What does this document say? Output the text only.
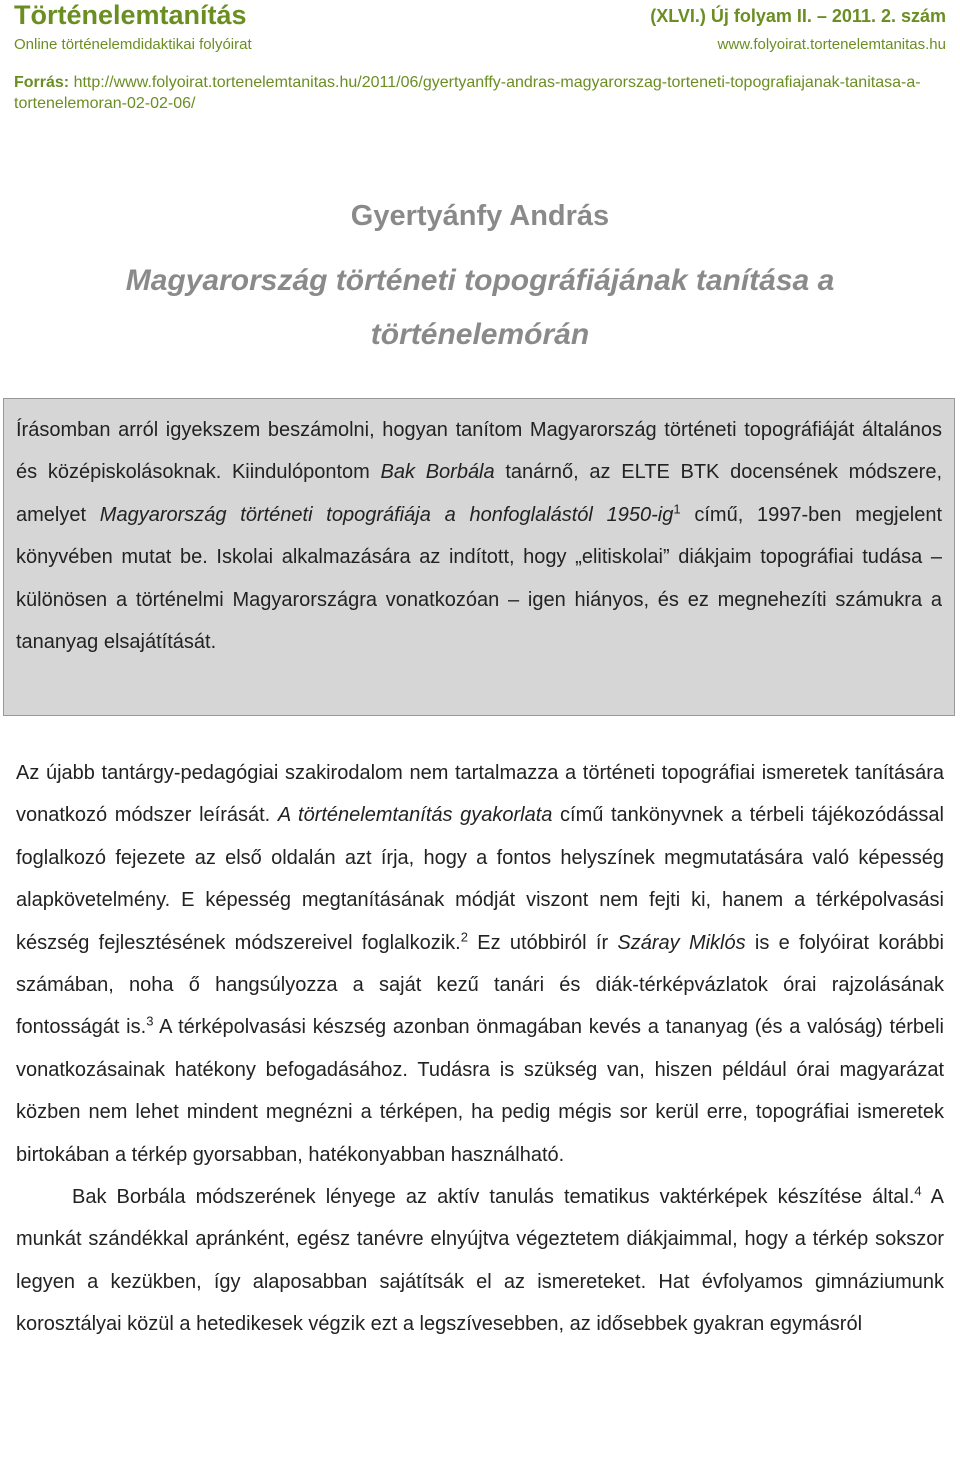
Történelemtanítás
Online történelemdidaktikai folyóirat
(XLVI.) Új folyam II. – 2011. 2. szám
www.folyoirat.tortenelemtanitas.hu
Forrás: http://www.folyoirat.tortenelemtanitas.hu/2011/06/gyertyanffy-andras-magyarorszag-torteneti-topografiajanak-tanitasa-a-tortenelemoran-02-02-06/
Gyertyánfy András
Magyarország történeti topográfiájának tanítása a
történelemórán

Írásomban arról igyekszem beszámolni, hogyan tanítom Magyarország történeti topográfiáját általános és középiskolásoknak. Kiindulópontom Bak Borbála tanárnő, az ELTE BTK docensének módszere, amelyet Magyarország történeti topográfiája a honfoglalástól $1950-ig^1$ című, 1997-ben megjelent könyvében mutat be. Iskolai alkalmazására az indított, hogy „elitiskolai” diákjaim topográfiai tudása – különösen a történelmi Magyarországra vonatkozóan – igen hiányos, és ez megnehezíti számukra a tananyag elsajátítását.

Az újabb tantárgy-pedagógiai szakirodalom nem tartalmazza a történeti topográfiai ismeretek tanítására vonatkozó módszer leírását. A történelemtanítás gyakorlata című tankönyvnek a térbeli tájékozódással foglalkozó fejezete az első oldalán azt írja, hogy a fontos helyszínek megmutatására való képesség alapkövetelmény. E képesség megtanításának módját viszont nem fejti ki, hanem a térképolvasási készség fejlesztésének módszereivel foglalkozik.$^2$ Ez utóbbiról ír Száray Miklós is e folyóirat korábbi számában, noha ő hangsúlyozza a saját kezű tanári és diák-térképvázlatok órai rajzolásának fontosságát is.$^3$ A térképolvasási készség azonban önmagában kevés a tananyag (és a valóság) térbeli vonatkozásainak hatékony befogadásához. Tudásra is szükség van, hiszen például órai magyarázat közben nem lehet mindent megnézni a térképen, ha pedig mégis sor kerül erre, topográfiai ismeretek birtokában a térkép gyorsabban, hatékonyabban használható.

Bak Borbála módszerének lényege az aktív tanulás tematikus vaktérképek készítése által.$^4$ A munkát szándékkal apránként, egész tanévre elnyújtva végeztetem diákjaimmal, hogy a térkép sokszor legyen a kezükben, így alaposabban sajátítsák el az ismereteket. Hat évfolyamos gimnáziumunk korosztályai közül a hetedikesek végzik ezt a legszívesebben, az idősebbek gyakran egymásról
